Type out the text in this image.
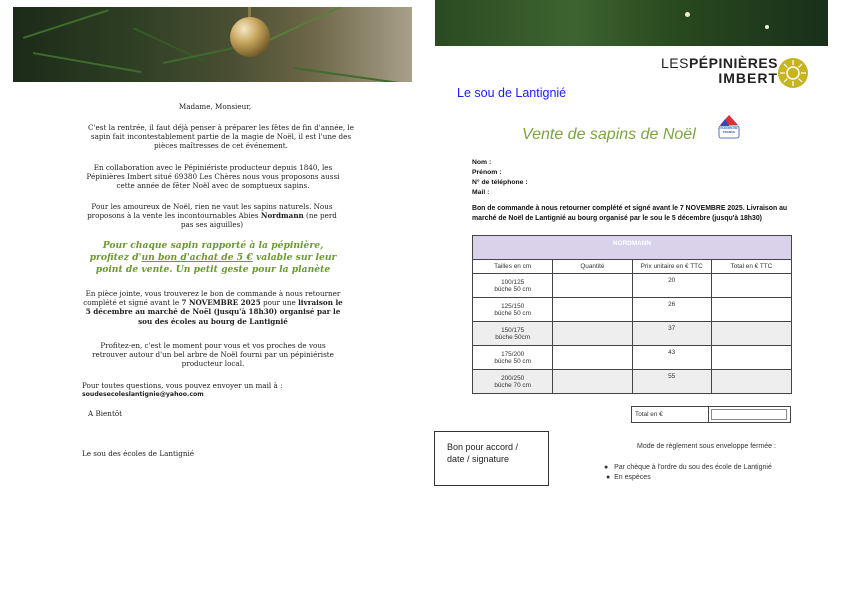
Madame, Monsieur,
C'est la rentrée, il faut déjà penser à préparer les fêtes de fin d'année, le sapin fait incontestablement partie de la magie de Noël, il est l'une des pièces maîtresses de cet événement.
En collaboration avec le Pépiniériste producteur depuis 1840, les Pépinières Imbert situé 69380 Les Chères nous vous proposons aussi cette année de fêter Noël avec de somptueux sapins.
Pour les amoureux de Noël, rien ne vaut les sapins naturels. Nous proposons à la vente les incontournables Abies Nordmann (ne perd pas ses aiguilles)
Pour chaque sapin rapporté à la pépinière, profitez d'un bon d'achat de 5 € valable sur leur point de vente. Un petit geste pour la planète
En pièce jointe, vous trouverez le bon de commande à nous retourner complété et signé avant le 7 NOVEMBRE 2025 pour une livraison le 5 décembre au marché de Noël (jusqu'à 18h30) organisé par le sou des écoles au bourg de Lantignié
Profitez-en, c'est le moment pour vous et vos proches de vous retrouver autour d'un bel arbre de Noël fourni par un pépiniériste producteur local.
Pour toutes questions, vous pouvez envoyer un mail à :
soudesecoleslantignie@yahoo.com
A Bientôt
Le sou des écoles de Lantignié
LESPÉPINIÈRES
IMBERT
Le sou de Lantignié
Vente de sapins de Noël	FLEURS DE FRANCE
Nom :
Prénom :
N° de téléphone :
Mail :
Bon de commande à nous retourner complété et signé avant le 7 NOVEMBRE 2025. Livraison au marché de Noël de Lantignié au bourg organisé par le sou le 5 décembre (jusqu'à 18h30)
NORDMANN			
Tailles en cm	Quantité	Prix unitaire en € TTC	Total en € TTC

100/125
bûche 50 cm		20	

125/150
bûche 50 cm		26	

150/175
bûche 50cm		37	

175/200
bûche 50 cm		43	

200/250
bûche 70 cm		55	
Total en €
Bon pour accord / date / signature
Mode de règlement sous enveloppe fermée :
●   Par chèque à l'ordre du sou des école de Lantignié
●  En espèces
